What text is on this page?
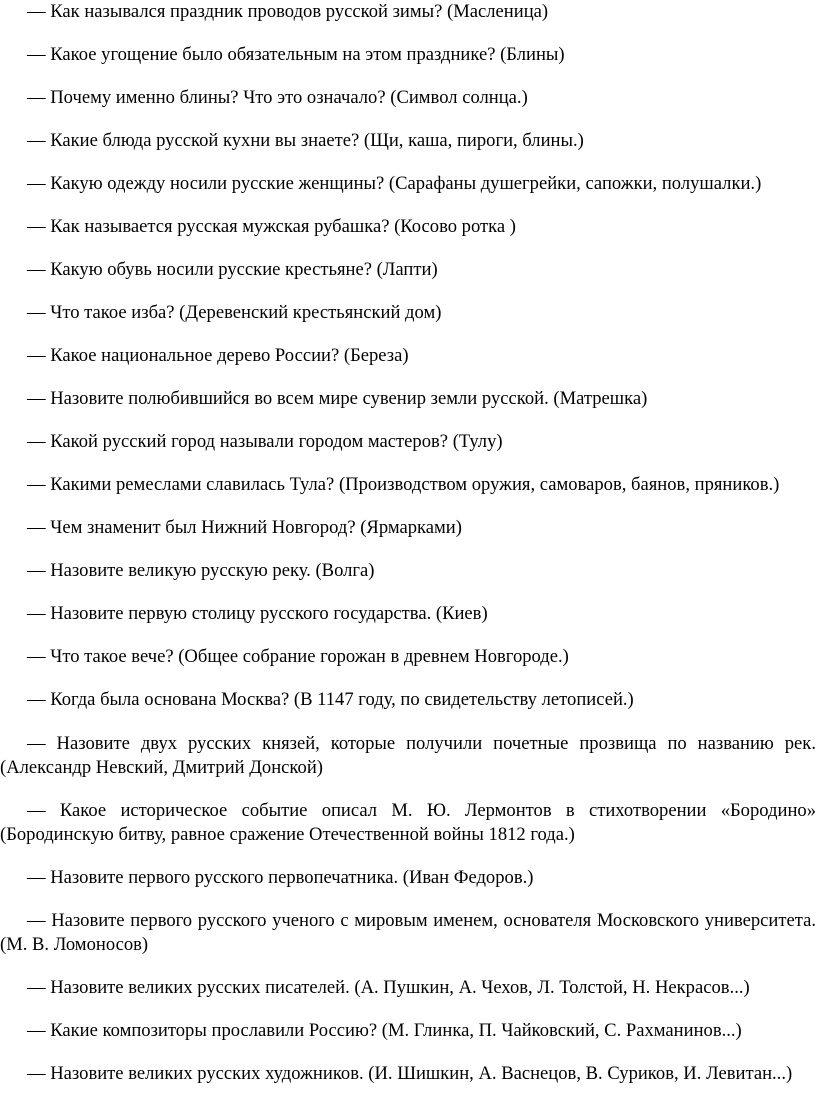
— Как назывался праздник проводов русской зимы? (Масленица)

— Какое угощение было обязательным на этом празднике? (Блины)

— Почему именно блины? Что это означало? (Символ солнца.)

— Какие блюда русской кухни вы знаете? (Щи, каша, пироги, блины.)

— Какую одежду носили русские женщины? (Сарафаны душегрейки, сапожки, полушалки.)

— Как называется русская мужская рубашка? (Косово ротка )

— Какую обувь носили русские крестьяне? (Лапти)

— Что такое изба? (Деревенский крестьянский дом)

— Какое национальное дерево России? (Береза)

— Назовите полюбившийся во всем мире сувенир земли русской. (Матрешка)

— Какой русский город называли городом мастеров? (Тулу)

— Какими ремеслами славилась Тула? (Производством оружия, самоваров, баянов, пряников.)

— Чем знаменит был Нижний Новгород? (Ярмарками)

— Назовите великую русскую реку. (Волга)

— Назовите первую столицу русского государства. (Киев)

— Что такое вече? (Общее собрание горожан в древнем Новгороде.)

— Когда была основана Москва? (В 1147 году, по свидетельству летописей.)

— Назовите двух русских князей, которые получили почетные прозвища по названию рек. (Александр Невский, Дмитрий Донской)

— Какое историческое событие описал М. Ю. Лермонтов в стихотворении «Бородино» (Бородинскую битву, равное сражение Отечественной войны 1812 года.)

— Назовите первого русского первопечатника. (Иван Федоров.)

— Назовите первого русского ученого с мировым именем, основателя Московского университета. (М. В. Ломоносов)

— Назовите великих русских писателей. (А. Пушкин, А. Чехов, Л. Толстой, Н. Некрасов...)

— Какие композиторы прославили Россию? (М. Глинка, П. Чайковский, С. Рахманинов...)

— Назовите великих русских художников. (И. Шишкин, А. Васнецов, В. Суриков, И. Левитан...)
